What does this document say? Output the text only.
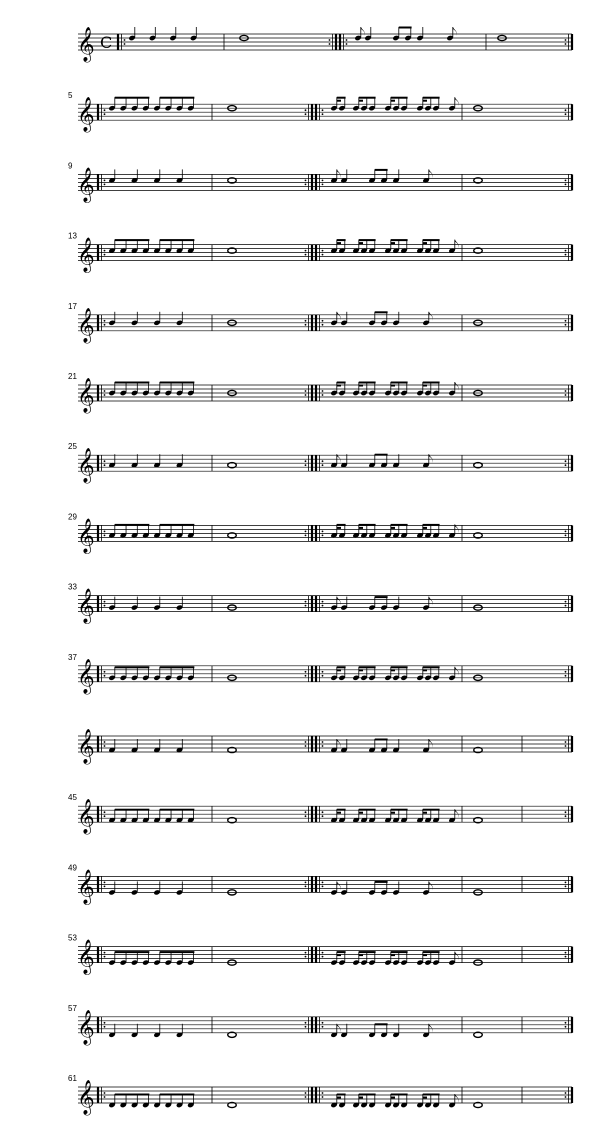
𝄞 C
5
𝄞
9
𝄞
13
𝄞
17
𝄞
21
𝄞
25
𝄞
29
𝄞
33
𝄞
37
𝄞
𝄞
45
𝄞
49
𝄞
53
𝄞
57
𝄞
61
𝄞
